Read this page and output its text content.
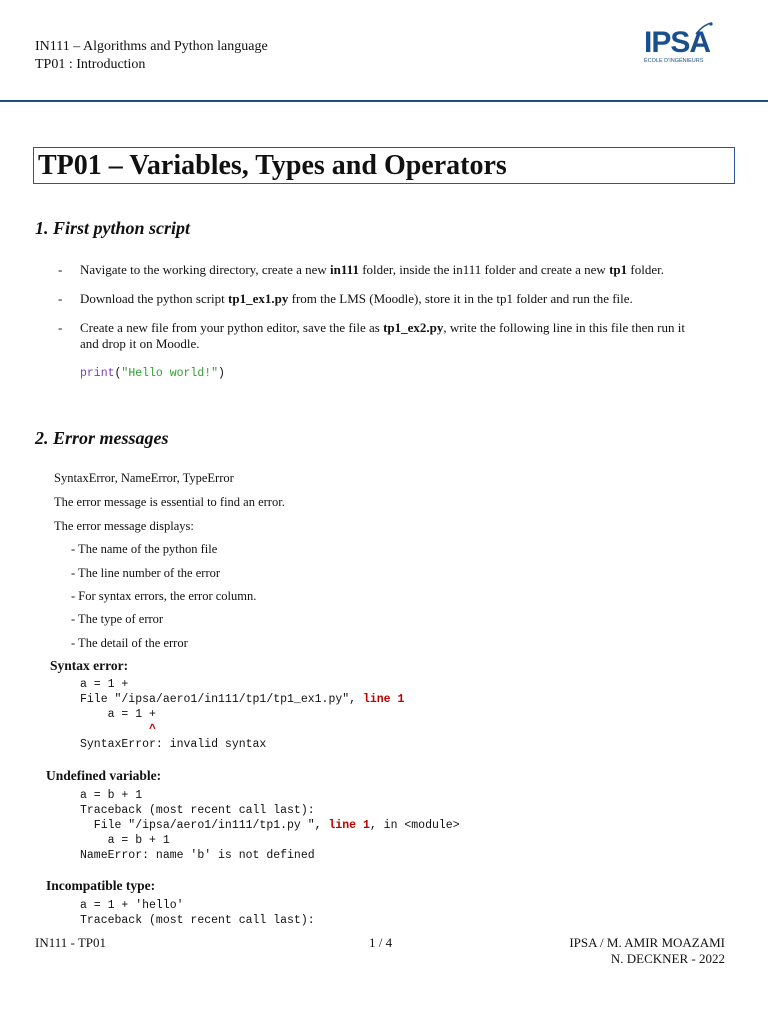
IN111 – Algorithms and Python language
TP01 : Introduction
IPSA
ÉCOLE D'INGÉNIEURS
TP01 – Variables, Types and Operators
1. First python script
- Navigate to the working directory, create a new in111 folder, inside the in111 folder and create a new tp1 folder.
- Download the python script tp1_ex1.py from the LMS (Moodle), store it in the tp1 folder and run the file.
- Create a new file from your python editor, save the file as tp1_ex2.py, write the following line in this file then run it
and drop it on Moodle.
print("Hello world!")
2. Error messages
SyntaxError, NameError, TypeError
The error message is essential to find an error.
The error message displays:
- The name of the python file
- The line number of the error
- For syntax errors, the error column.
- The type of error
- The detail of the error
Syntax error:
a = 1 +
File "/ipsa/aero1/in111/tp1/tp1_ex1.py", line 1
a = 1 +
^
SyntaxError: invalid syntax
Undefined variable:
a = b + 1
Traceback (most recent call last):
File "/ipsa/aero1/in111/tp1.py ", line 1, in <module>
a = b + 1
NameError: name 'b' is not defined
Incompatible type:
a = 1 + 'hello'
Traceback (most recent call last):
IN111 - TP01	1 / 4	IPSA / M. AMIR MOAZAMI
N. DECKNER - 2022
